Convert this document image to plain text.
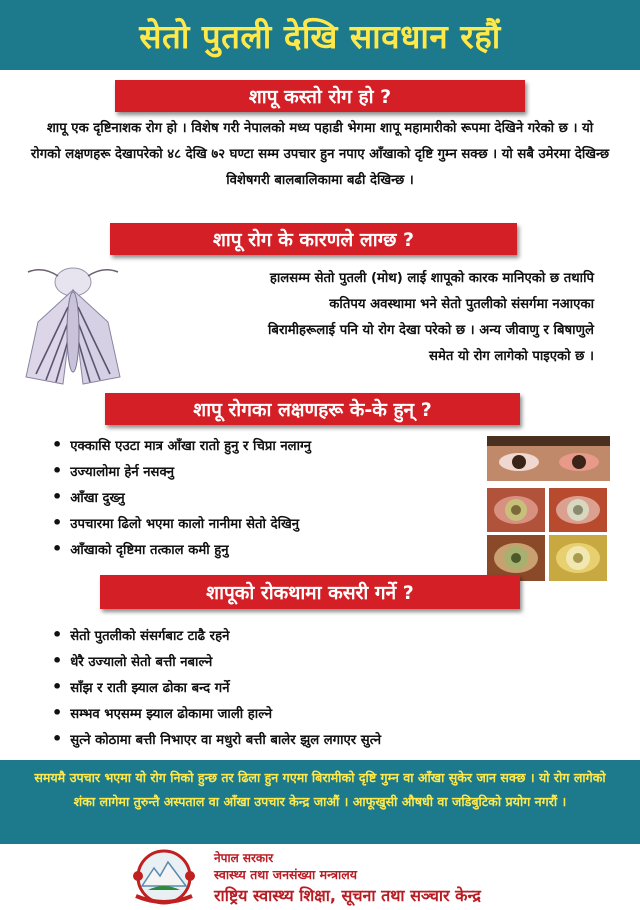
सेतो पुतली देखि सावधान रहौं
शापू कस्तो रोग हो ?
शापू एक दृष्टिनाशक रोग हो । विशेष गरी नेपालको मध्य पहाडी भेगमा शापू महामारीको रूपमा देखिने गरेको छ । यो रोगको लक्षणहरू देखापरेको ४८ देखि ७२ घण्टा सम्म उपचार हुन नपाए आँखाको दृष्टि गुम्न सक्छ । यो सबै उमेरमा देखिन्छ विशेषगरी बालबालिकामा बढी देखिन्छ ।
शापू रोग के कारणले लाग्छ ?
हालसम्म सेतो पुतली (मोथ) लाई शापूको कारक मानिएको छ तथापि कतिपय अवस्थामा भने सेतो पुतलीको संसर्गमा नआएका बिरामीहरूलाई पनि यो रोग देखा परेको छ । अन्य जीवाणु र बिषाणुले समेत यो रोग लागेको पाइएको छ ।
शापू रोगका लक्षणहरू के-के हुन् ?
• एक्कासि एउटा मात्र आँखा रातो हुनु र चिप्रा नलाग्नु
• उज्यालोमा हेर्न नसक्नु
• आँखा दुख्नु
• उपचारमा ढिलो भएमा कालो नानीमा सेतो देखिनु
• आँखाको दृष्टिमा तत्काल कमी हुनु
शापूको रोकथामा कसरी गर्ने ?
• सेतो पुतलीको संसर्गबाट टाढै रहने
• धेरै उज्यालो सेतो बत्ती नबाल्ने
• साँझ र राती झ्याल ढोका बन्द गर्ने
• सम्भव भएसम्म झ्याल ढोकामा जाली हाल्ने
• सुत्ने कोठामा बत्ती निभाएर वा मधुरो बत्ती बालेर झुल लगाएर सुत्ने
समयमै उपचार भएमा यो रोग निको हुन्छ तर ढिला हुन गएमा बिरामीको दृष्टि गुम्न वा आँखा सुकेर जान सक्छ । यो रोग लागेको शंका लागेमा तुरुन्तै अस्पताल वा आँखा उपचार केन्द्र जाऔं । आफूखुसी औषधी वा जडिबुटिको प्रयोग नगरौं ।
नेपाल सरकार
स्वास्थ्य तथा जनसंख्या मन्त्रालय
राष्ट्रिय स्वास्थ्य शिक्षा, सूचना तथा सञ्चार केन्द्र
